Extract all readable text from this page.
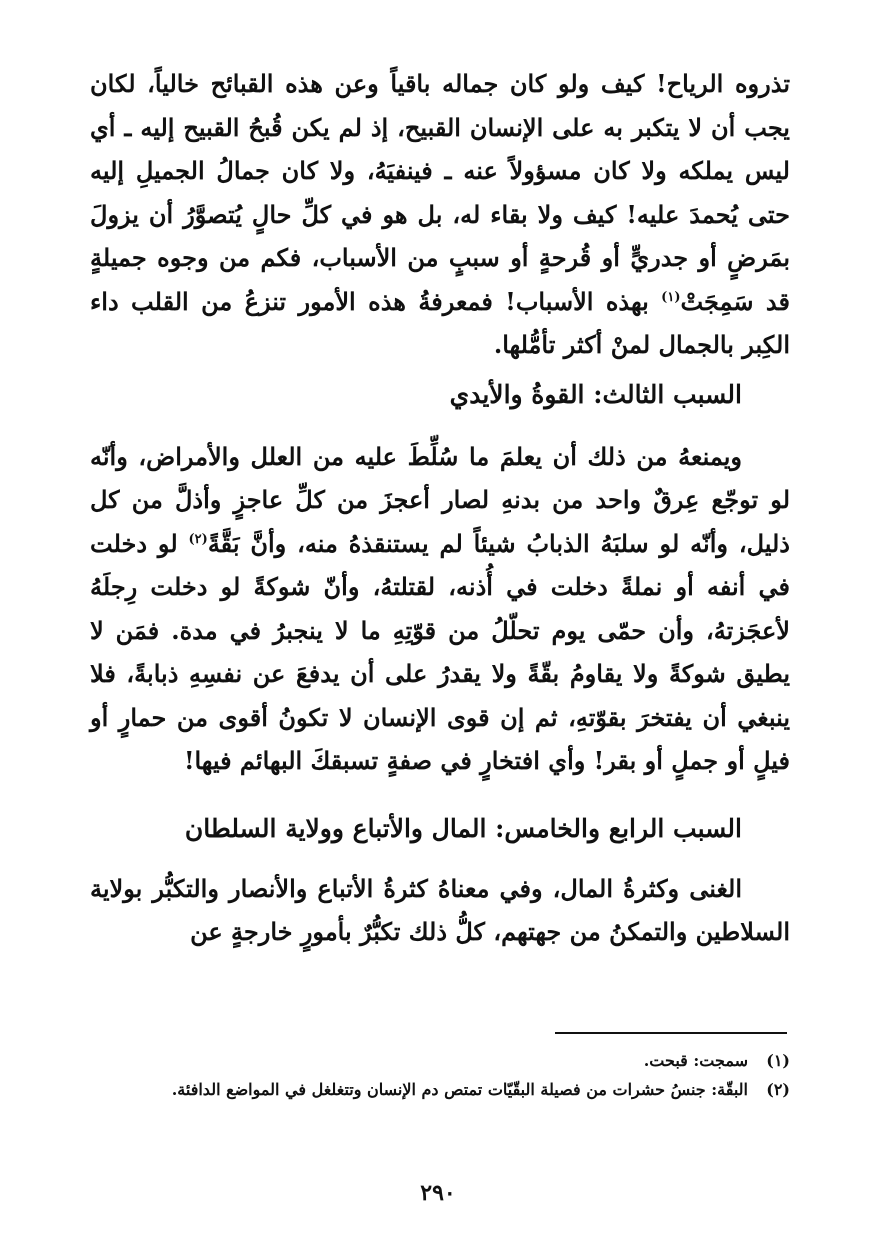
تذروه الرياح! كيف ولو كان جماله باقياً وعن هذه القبائح خالياً، لكان يجب أن لا يتكبر به على الإنسان القبيح، إذ لم يكن قُبحُ القبيح إليه ـ أي ليس يملكه ولا كان مسؤولاً عنه ـ فينفيَهُ، ولا كان جمالُ الجميلِ إليه حتى يُحمدَ عليه! كيف ولا بقاء له، بل هو في كلِّ حالٍ يُتصوَّرُ أن يزولَ بمَرضٍ أو جدريٍّ أو قُرحةٍ أو سببٍ من الأسباب، فكم من وجوه جميلةٍ قد سَمِجَتْ$^{(١)}$ بهذه الأسباب! فمعرفةُ هذه الأمور تنزعُ من القلب داء الكِبر بالجمال لمنْ أكثر تأمُّلها.

السبب الثالث: القوةُ والأيدي

ويمنعهُ من ذلك أن يعلمَ ما سُلِّطَ عليه من العلل والأمراض، وأنّه لو توجّع عِرقٌ واحد من بدنهِ لصار أعجزَ من كلِّ عاجزٍ وأذلَّ من كل ذليل، وأنّه لو سلبَهُ الذبابُ شيئاً لم يستنقذهُ منه، وأنَّ بَقَّةً$^{(٢)}$ لو دخلت في أنفه أو نملةً دخلت في أُذنه، لقتلتهُ، وأنّ شوكةً لو دخلت رِجلَهُ لأعجَزتهُ، وأن حمّى يوم تحلّلُ من قوّتِهِ ما لا ينجبرُ في مدة. فمَن لا يطيق شوكةً ولا يقاومُ بقّةً ولا يقدرُ على أن يدفعَ عن نفسِهِ ذبابةً، فلا ينبغي أن يفتخرَ بقوّتهِ، ثم إن قوى الإنسان لا تكونُ أقوى من حمارٍ أو فيلٍ أو جملٍ أو بقر! وأي افتخارٍ في صفةٍ تسبقكَ البهائم فيها!

السبب الرابع والخامس: المال والأتباع وولاية السلطان

الغنى وكثرةُ المال، وفي معناهُ كثرةُ الأتباع والأنصار والتكبُّر بولاية السلاطين والتمكنُ من جهتهم، كلُّ ذلك تكبُّرٌ بأمورٍ خارجةٍ عن

(١)
سمجت: قبحت.

(٢)
البقّة: جنسُ حشرات من فصيلة البقّيّات تمتص دم الإنسان وتتغلغل في المواضع الدافئة.

٢٩٠
